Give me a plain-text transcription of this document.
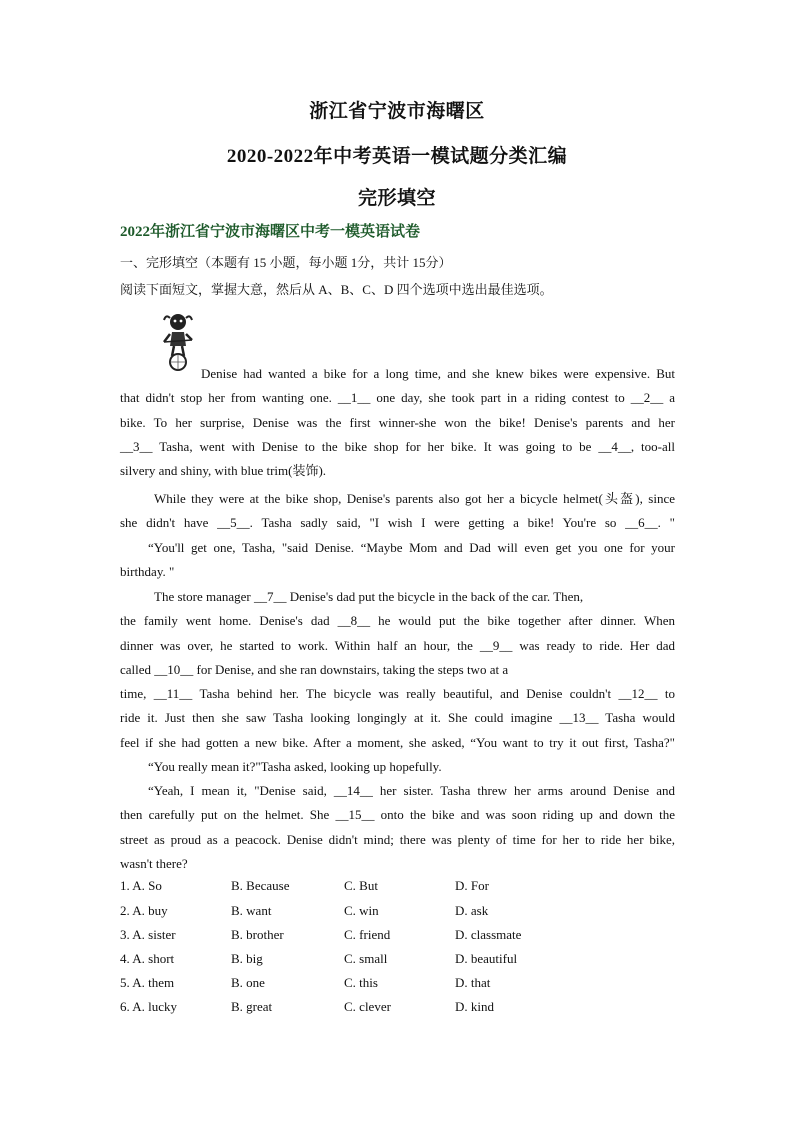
浙江省宁波市海曙区
2020-2022年中考英语一模试题分类汇编
完形填空
2022年浙江省宁波市海曙区中考一模英语试卷
一、完形填空（本题有 15 小题，每小题 1分，共计 15分）
阅读下面短文，掌握大意，然后从 A、B、C、D 四个选项中选出最佳选项。
Denise had wanted a bike for a long time, and she knew bikes were expensive. But
that didn't stop her from wanting one. __1__ one day, she took part in a riding contest to __2__ a
bike. To her surprise, Denise was the first winner-she won the bike! Denise's parents and her
__3__ Tasha, went with Denise to the bike shop for her bike. It was going to be __4__, too-all
silvery and shiny, with blue trim(装饰).
While they were at the bike shop, Denise's parents also got her a bicycle helmet(头盔), since
she didn't have __5__. Tasha sadly said, "I wish I were getting a bike! You're so __6__. "
“You'll get one, Tasha, "said Denise. “Maybe Mom and Dad will even get you one for your
birthday. "
The store manager __7__ Denise's dad put the bicycle in the back of the car. Then,
the family went home. Denise's dad __8__ he would put the bike together after dinner. When
dinner was over, he started to work. Within half an hour, the __9__ was ready to ride. Her dad
called __10__ for Denise, and she ran downstairs, taking the steps two at a
time, __11__ Tasha behind her. The bicycle was really beautiful, and Denise couldn't __12__ to
ride it. Just then she saw Tasha looking longingly at it. She could imagine __13__ Tasha would
feel if she had gotten a new bike. After a moment, she asked, “You want to try it out first, Tasha?"
“You really mean it?"Tasha asked, looking up hopefully.
“Yeah, I mean it, "Denise said, __14__ her sister. Tasha threw her arms around Denise and
then carefully put on the helmet. She __15__ onto the bike and was soon riding up and down the
street as proud as a peacock. Denise didn't mind; there was plenty of time for her to ride her bike,
wasn't there?
1. A. So	B. Because	C. But	D. For
2. A. buy	B. want	C. win	D. ask
3. A. sister	B. brother	C. friend	D. classmate
4. A. short	B. big	C. small	D. beautiful
5. A. them	B. one	C. this	D. that
6. A. lucky	B. great	C. clever	D. kind
